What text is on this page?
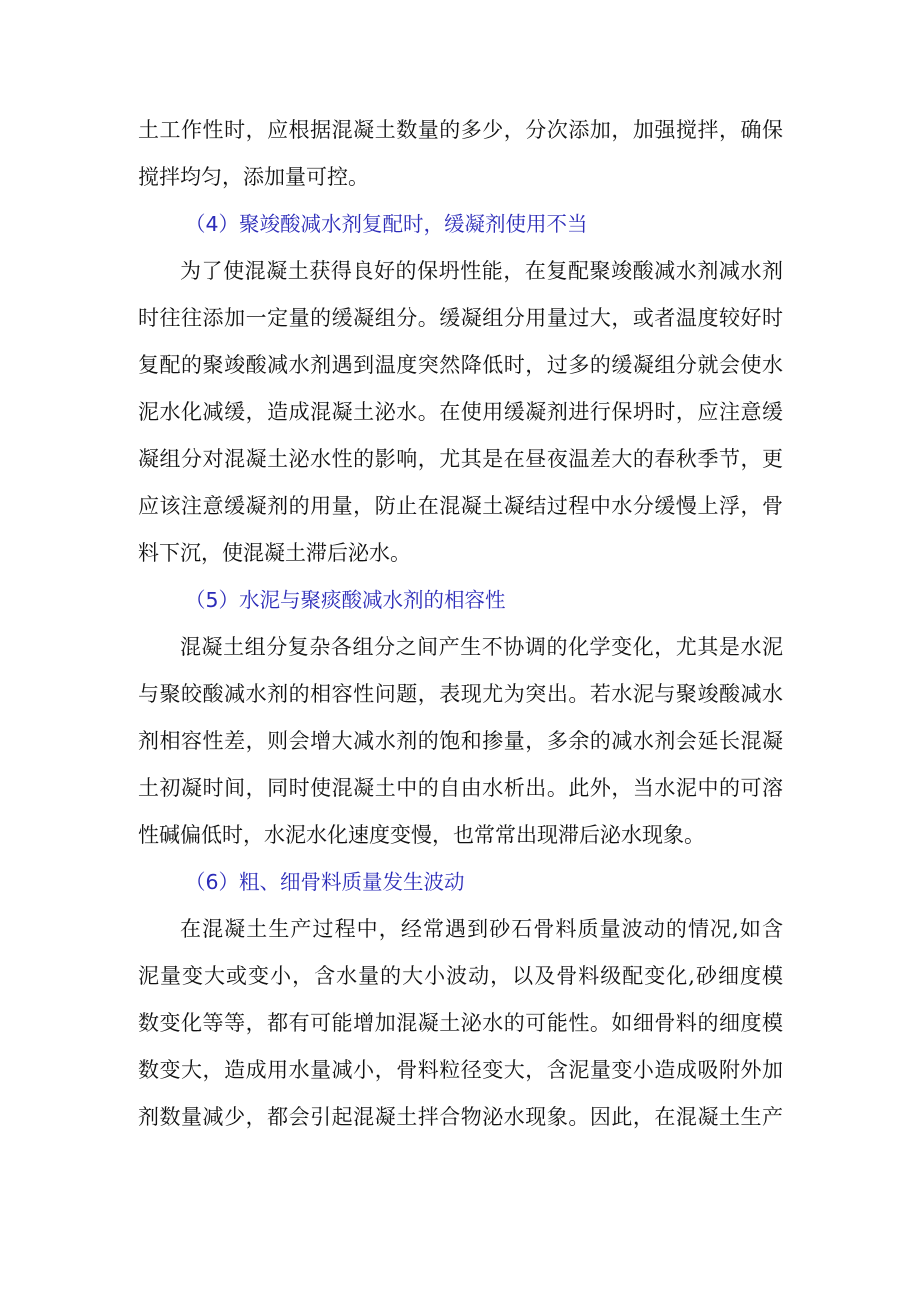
土工作性时，应根据混凝土数量的多少，分次添加，加强搅拌，确保
搅拌均匀，添加量可控。
（4）聚竣酸减水剂复配时，缓凝剂使用不当
为了使混凝土获得良好的保坍性能，在复配聚竣酸减水剂减水剂
时往往添加一定量的缓凝组分。缓凝组分用量过大，或者温度较好时
复配的聚竣酸减水剂遇到温度突然降低时，过多的缓凝组分就会使水
泥水化减缓，造成混凝土泌水。在使用缓凝剂进行保坍时，应注意缓
凝组分对混凝土泌水性的影响，尤其是在昼夜温差大的春秋季节，更
应该注意缓凝剂的用量，防止在混凝土凝结过程中水分缓慢上浮，骨
料下沉，使混凝土滞后泌水。
（5）水泥与聚痰酸减水剂的相容性
混凝土组分复杂各组分之间产生不协调的化学变化，尤其是水泥
与聚皎酸减水剂的相容性问题，表现尤为突出。若水泥与聚竣酸减水
剂相容性差，则会增大减水剂的饱和掺量，多余的减水剂会延长混凝
土初凝时间，同时使混凝土中的自由水析出。此外，当水泥中的可溶
性碱偏低时，水泥水化速度变慢，也常常出现滞后泌水现象。
（6）粗、细骨料质量发生波动
在混凝土生产过程中，经常遇到砂石骨料质量波动的情况,如含
泥量变大或变小，含水量的大小波动，以及骨料级配变化,砂细度模
数变化等等，都有可能增加混凝土泌水的可能性。如细骨料的细度模
数变大，造成用水量减小，骨料粒径变大，含泥量变小造成吸附外加
剂数量减少，都会引起混凝土拌合物泌水现象。因此，在混凝土生产
